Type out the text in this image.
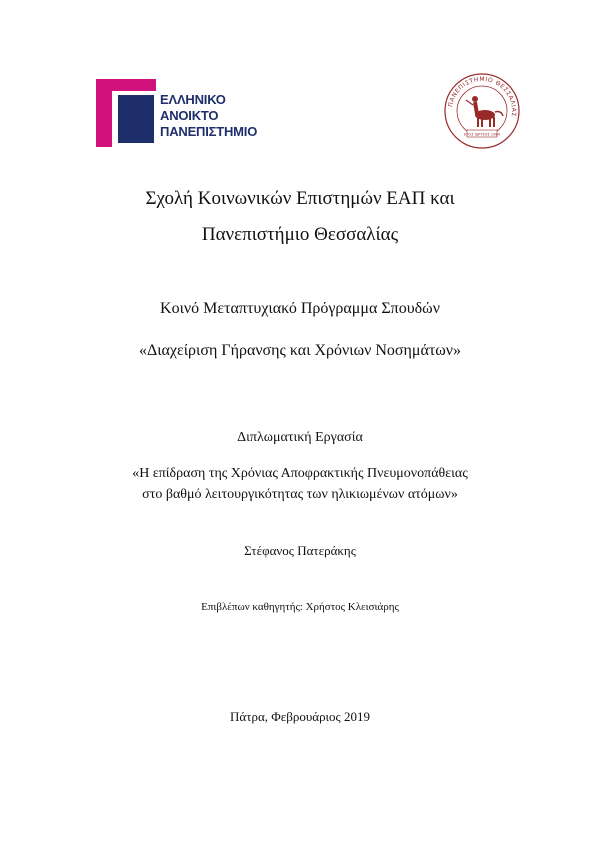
ΕΛΛΗΝΙΚΟ
ΑΝΟΙΚΤΟ
ΠΑΝΕΠΙΣΤΗΜΙΟ
ΠΑΝΕΠΙΣΤΗΜΙΟ ΘΕΣΣΑΛΙΑΣ
ΕΤΟΣ ΙΔΡΥΣΗΣ 1984
Σχολή Κοινωνικών Επιστημών ΕΑΠ και
Πανεπιστήμιο Θεσσαλίας
Κοινό Μεταπτυχιακό Πρόγραμμα Σπουδών
«Διαχείριση Γήρανσης και Χρόνιων Νοσημάτων»
Διπλωματική Εργασία
«Η επίδραση της Χρόνιας Αποφρακτικής Πνευμονοπάθειας
στο βαθμό λειτουργικότητας των ηλικιωμένων ατόμων»
Στέφανος Πατεράκης
Επιβλέπων καθηγητής: Χρήστος Κλεισιάρης
Πάτρα, Φεβρουάριος 2019
